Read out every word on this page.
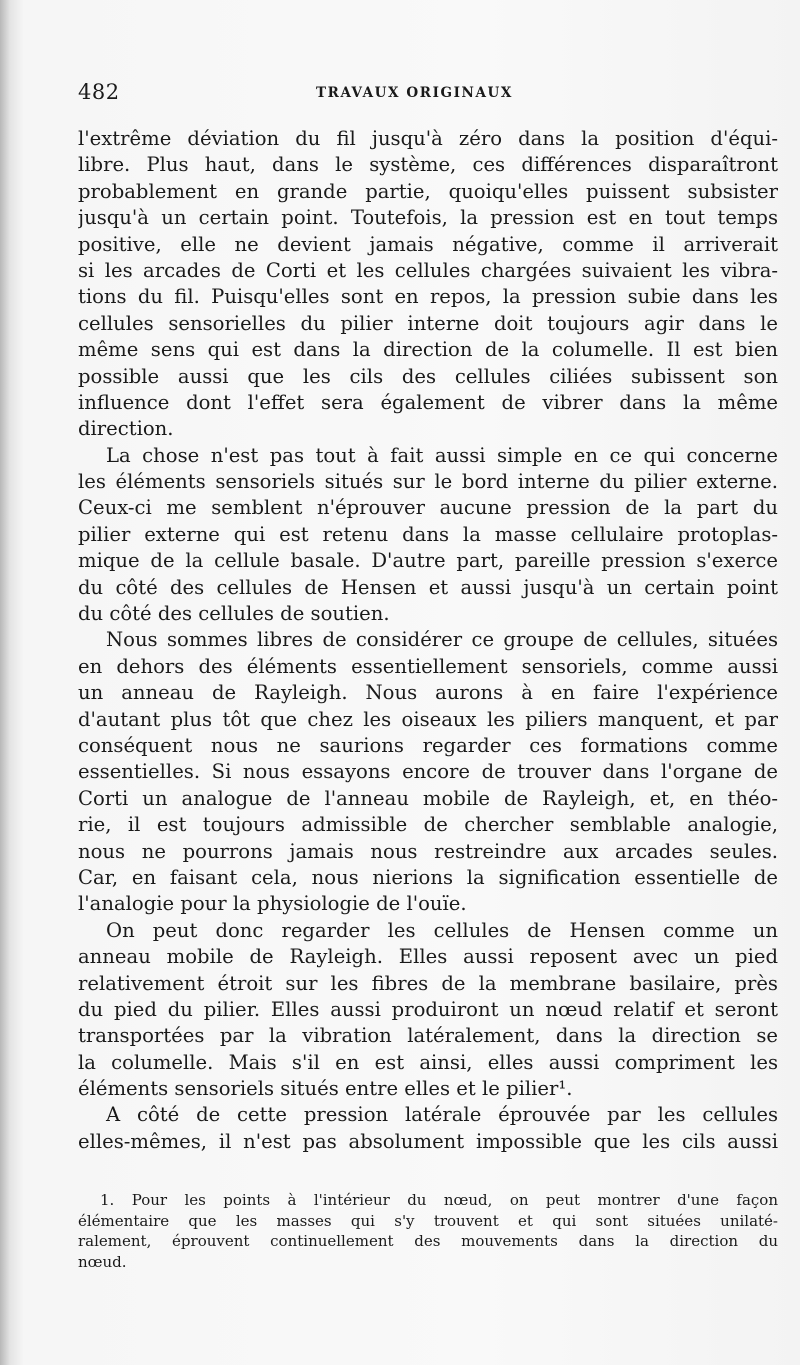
482	TRAVAUX ORIGINAUX
l'extrême déviation du fil jusqu'à zéro dans la position d'équi-
libre. Plus haut, dans le système, ces différences disparaîtront
probablement en grande partie, quoiqu'elles puissent subsister
jusqu'à un certain point. Toutefois, la pression est en tout temps
positive, elle ne devient jamais négative, comme il arriverait
si les arcades de Corti et les cellules chargées suivaient les vibra-
tions du fil. Puisqu'elles sont en repos, la pression subie dans les
cellules sensorielles du pilier interne doit toujours agir dans le
même sens qui est dans la direction de la columelle. Il est bien
possible aussi que les cils des cellules ciliées subissent son
influence dont l'effet sera également de vibrer dans la même
direction.
La chose n'est pas tout à fait aussi simple en ce qui concerne
les éléments sensoriels situés sur le bord interne du pilier externe.
Ceux-ci me semblent n'éprouver aucune pression de la part du
pilier externe qui est retenu dans la masse cellulaire protoplas-
mique de la cellule basale. D'autre part, pareille pression s'exerce
du côté des cellules de Hensen et aussi jusqu'à un certain point
du côté des cellules de soutien.
Nous sommes libres de considérer ce groupe de cellules, situées
en dehors des éléments essentiellement sensoriels, comme aussi
un anneau de Rayleigh. Nous aurons à en faire l'expérience
d'autant plus tôt que chez les oiseaux les piliers manquent, et par
conséquent nous ne saurions regarder ces formations comme
essentielles. Si nous essayons encore de trouver dans l'organe de
Corti un analogue de l'anneau mobile de Rayleigh, et, en théo-
rie, il est toujours admissible de chercher semblable analogie,
nous ne pourrons jamais nous restreindre aux arcades seules.
Car, en faisant cela, nous nierions la signification essentielle de
l'analogie pour la physiologie de l'ouïe.
On peut donc regarder les cellules de Hensen comme un
anneau mobile de Rayleigh. Elles aussi reposent avec un pied
relativement étroit sur les fibres de la membrane basilaire, près
du pied du pilier. Elles aussi produiront un nœud relatif et seront
transportées par la vibration latéralement, dans la direction se
la columelle. Mais s'il en est ainsi, elles aussi compriment les
éléments sensoriels situés entre elles et le pilier¹.
A côté de cette pression latérale éprouvée par les cellules
elles-mêmes, il n'est pas absolument impossible que les cils aussi
1. Pour les points à l'intérieur du nœud, on peut montrer d'une façon
élémentaire que les masses qui s'y trouvent et qui sont situées unilaté-
ralement, éprouvent continuellement des mouvements dans la direction du
nœud.
